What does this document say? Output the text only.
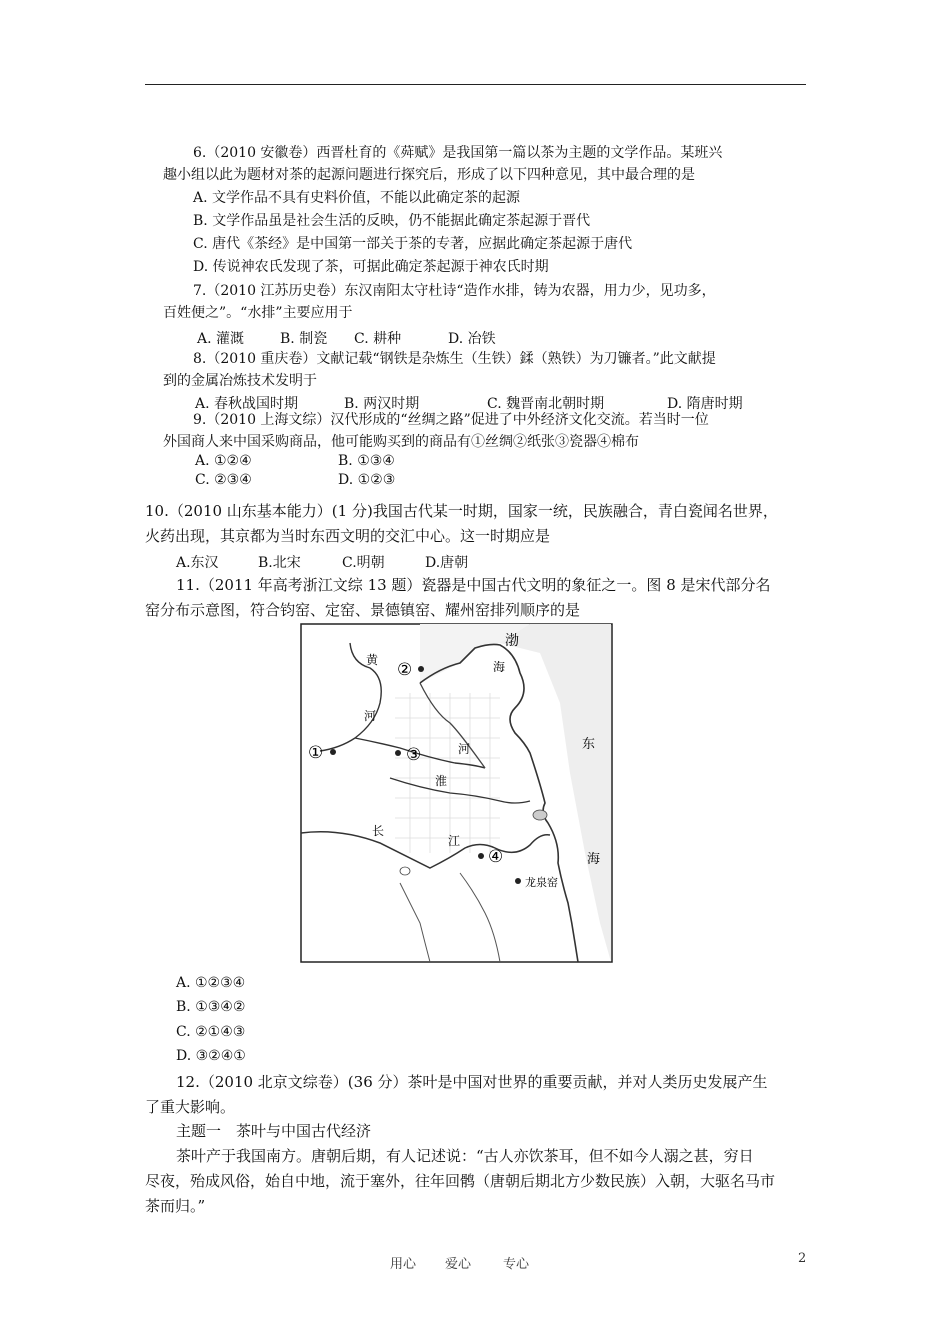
6.（2010 安徽卷）西晋杜育的《荈赋》是我国第一篇以茶为主题的文学作品。某班兴
趣小组以此为题材对茶的起源问题进行探究后，形成了以下四种意见，其中最合理的是
A. 文学作品不具有史料价值，不能以此确定茶的起源
B. 文学作品虽是社会生活的反映，仍不能据此确定茶起源于晋代
C. 唐代《茶经》是中国第一部关于茶的专著，应据此确定茶起源于唐代
D. 传说神农氏发现了茶，可据此确定茶起源于神农氏时期
7.（2010 江苏历史卷）东汉南阳太守杜诗“造作水排，铸为农器，用力少，见功多，
百姓便之”。“水排”主要应用于
A. 灌溉	B. 制瓷 C. 耕种	D. 冶铁
8.（2010 重庆卷）文献记载“钢铁是杂炼生（生铁）鍒（熟铁）为刀镰者。”此文献提
到的金属冶炼技术发明于
A. 春秋战国时期	B. 两汉时期	C. 魏晋南北朝时期	D. 隋唐时期
9.（2010 上海文综）汉代形成的“丝绸之路”促进了中外经济文化交流。若当时一位
外国商人来中国采购商品，他可能购买到的商品有①丝绸②纸张③瓷器④棉布
A. ①②④	B. ①③④
C. ②③④	D. ①②③
10.（2010 山东基本能力）(1 分)我国古代某一时期，国家一统，民族融合，青白瓷闻名世界，
火药出现，其京都为当时东西文明的交汇中心。这一时期应是
A.东汉	B.北宋	C.明朝	D.唐朝
11.（2011 年高考浙江文综 13 题）瓷器是中国古代文明的象征之一。图 8 是宋代部分名
窑分布示意图，符合钧窑、定窑、景德镇窑、耀州窑排列顺序的是
渤
海
黄
河
东
海
河
淮
长
江
②
①	③
④
龙泉窑
A. ①②③④
B. ①③④②
C. ②①④③
D. ③②④①
12.（2010 北京文综卷）(36 分）茶叶是中国对世界的重要贡献，并对人类历史发展产生
了重大影响。
主题一　茶叶与中国古代经济
茶叶产于我国南方。唐朝后期，有人记述说：“古人亦饮茶耳，但不如今人溺之甚，穷日
尽夜，殆成风俗，始自中地，流于塞外，往年回鹘（唐朝后期北方少数民族）入朝，大驱名马市
茶而归。”
用心 爱心 专心	2
